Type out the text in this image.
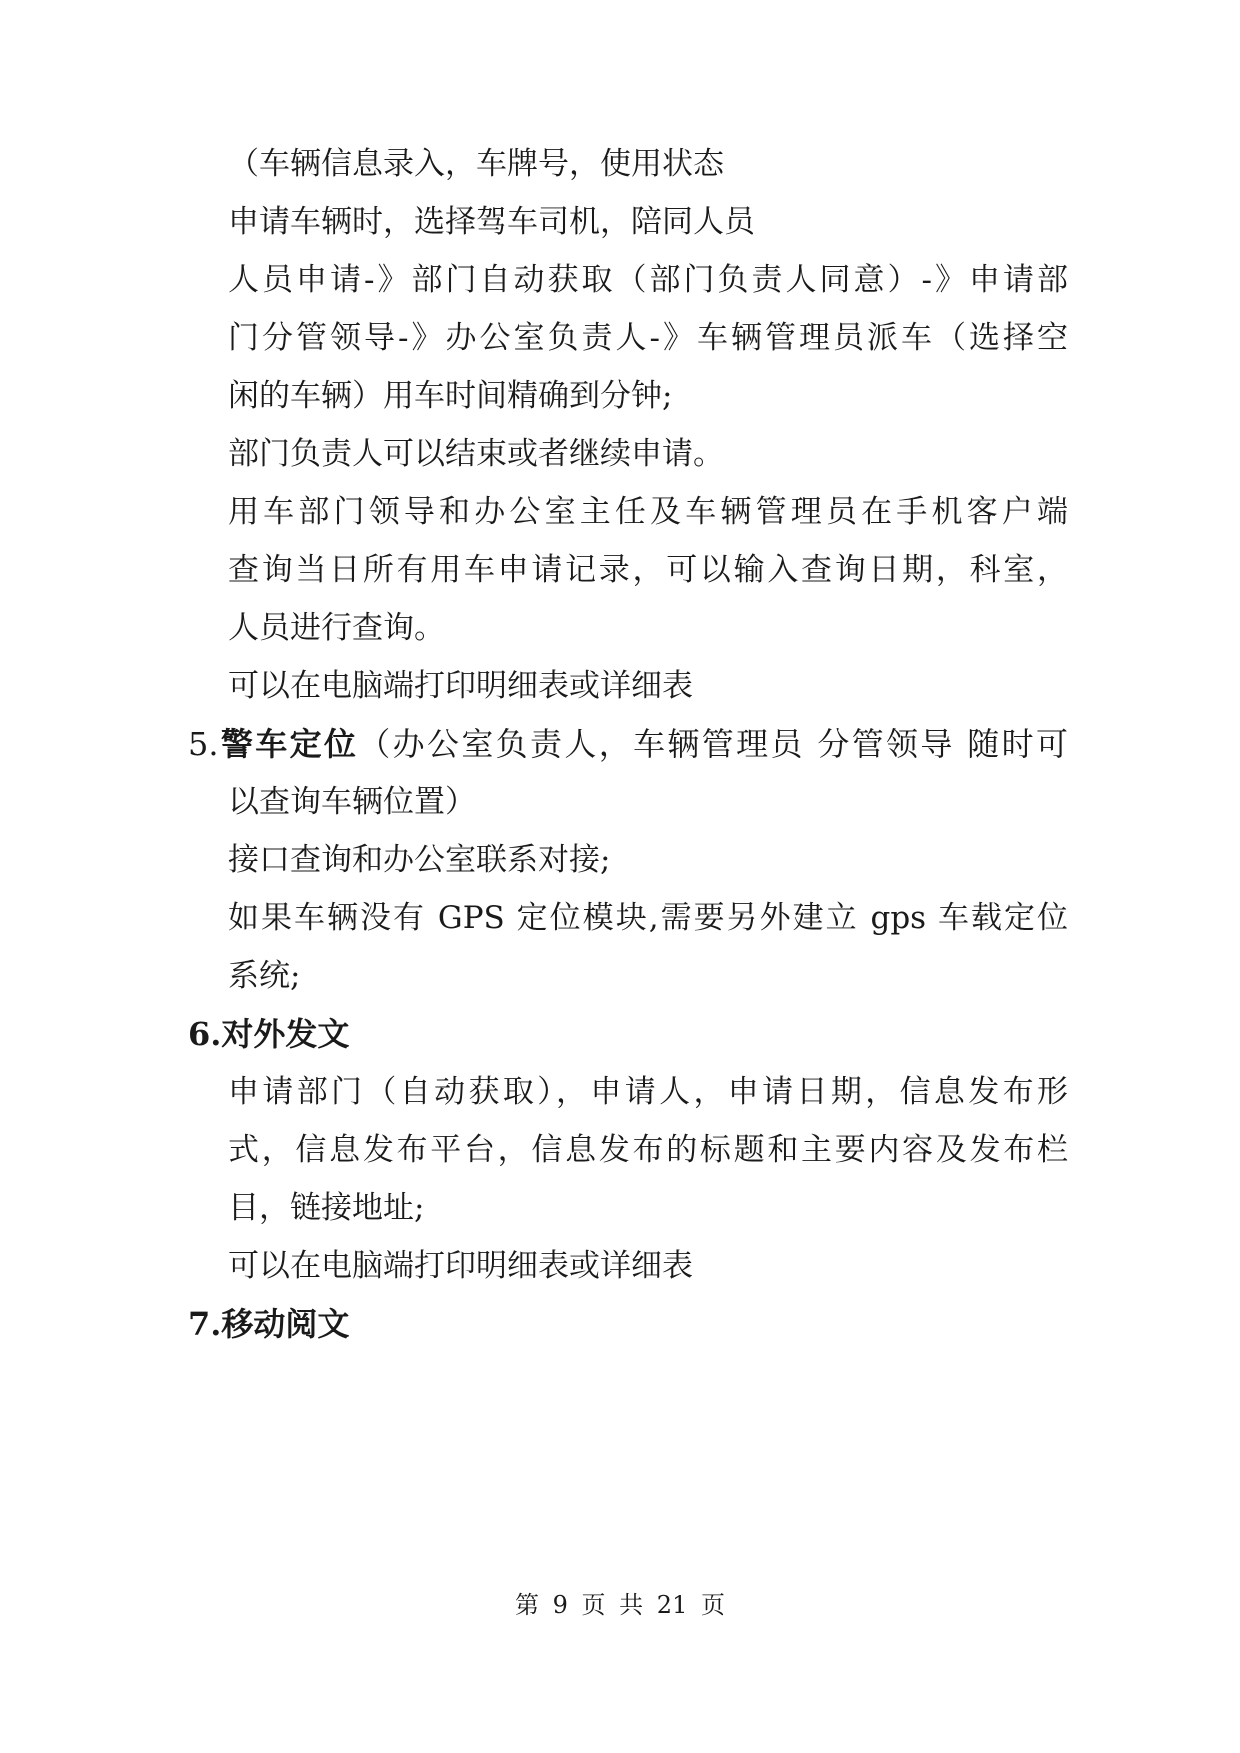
（车辆信息录入，车牌号，使用状态
申请车辆时，选择驾车司机，陪同人员
人员申请-》部门自动获取（部门负责人同意）-》申请部
门分管领导-》办公室负责人-》车辆管理员派车（选择空
闲的车辆）用车时间精确到分钟;
部门负责人可以结束或者继续申请。
用车部门领导和办公室主任及车辆管理员在手机客户端
查询当日所有用车申请记录，可以输入查询日期，科室，
人员进行查询。
可以在电脑端打印明细表或详细表
5.警车定位（办公室负责人，车辆管理员 分管领导 随时可
以查询车辆位置）
接口查询和办公室联系对接;
如果车辆没有 GPS 定位模块,需要另外建立 gps 车载定位
系统;
6.对外发文
申请部门（自动获取），申请人，申请日期，信息发布形
式，信息发布平台，信息发布的标题和主要内容及发布栏
目，链接地址;
可以在电脑端打印明细表或详细表
7.移动阅文
第 9 页 共 21 页
